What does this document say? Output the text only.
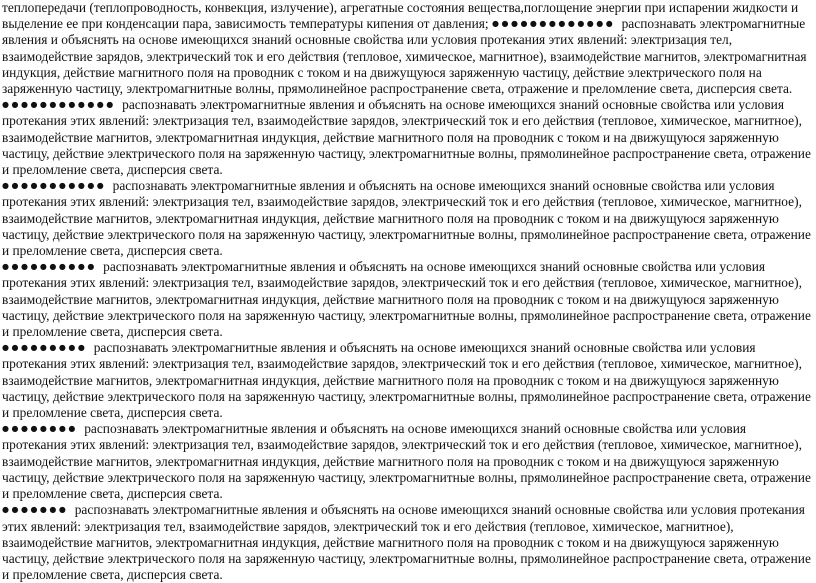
теплопередачи (теплопроводность, конвекция, излучение), агрегатные состояния вещества,поглощение энергии при испарении жидкости и выделение ее при конденсации пара, зависимость температуры кипения от давления; ●●●●●●●●●●●●● распознавать электромагнитные явления и объяснять на основе имеющихся знаний основные свойства или условия протекания этих явлений: электризация тел, взаимодействие зарядов, электрический ток и его действия (тепловое, химическое, магнитное), взаимодействие магнитов, электромагнитная индукция, действие магнитного поля на проводник с током и на движущуюся заряженную частицу, действие электрического поля на заряженную частицу, электромагнитные волны, прямолинейное распространение света, отражение и преломление света, дисперсия света.

●●●●●●●●●●●● распознавать электромагнитные явления и объяснять на основе имеющихся знаний основные свойства или условия протекания этих явлений: электризация тел, взаимодействие зарядов, электрический ток и его действия (тепловое, химическое, магнитное), взаимодействие магнитов, электромагнитная индукция, действие магнитного поля на проводник с током и на движущуюся заряженную частицу, действие электрического поля на заряженную частицу, электромагнитные волны, прямолинейное распространение света, отражение и преломление света, дисперсия света.

●●●●●●●●●●● распознавать электромагнитные явления и объяснять на основе имеющихся знаний основные свойства или условия протекания этих явлений: электризация тел, взаимодействие зарядов, электрический ток и его действия (тепловое, химическое, магнитное), взаимодействие магнитов, электромагнитная индукция, действие магнитного поля на проводник с током и на движущуюся заряженную частицу, действие электрического поля на заряженную частицу, электромагнитные волны, прямолинейное распространение света, отражение и преломление света, дисперсия света.

●●●●●●●●●● распознавать электромагнитные явления и объяснять на основе имеющихся знаний основные свойства или условия протекания этих явлений: электризация тел, взаимодействие зарядов, электрический ток и его действия (тепловое, химическое, магнитное), взаимодействие магнитов, электромагнитная индукция, действие магнитного поля на проводник с током и на движущуюся заряженную частицу, действие электрического поля на заряженную частицу, электромагнитные волны, прямолинейное распространение света, отражение и преломление света, дисперсия света.

●●●●●●●●● распознавать электромагнитные явления и объяснять на основе имеющихся знаний основные свойства или условия протекания этих явлений: электризация тел, взаимодействие зарядов, электрический ток и его действия (тепловое, химическое, магнитное), взаимодействие магнитов, электромагнитная индукция, действие магнитного поля на проводник с током и на движущуюся заряженную частицу, действие электрического поля на заряженную частицу, электромагнитные волны, прямолинейное распространение света, отражение и преломление света, дисперсия света.

●●●●●●●● распознавать электромагнитные явления и объяснять на основе имеющихся знаний основные свойства или условия протекания этих явлений: электризация тел, взаимодействие зарядов, электрический ток и его действия (тепловое, химическое, магнитное), взаимодействие магнитов, электромагнитная индукция, действие магнитного поля на проводник с током и на движущуюся заряженную частицу, действие электрического поля на заряженную частицу, электромагнитные волны, прямолинейное распространение света, отражение и преломление света, дисперсия света.

●●●●●●● распознавать электромагнитные явления и объяснять на основе имеющихся знаний основные свойства или условия протекания этих явлений: электризация тел, взаимодействие зарядов, электрический ток и его действия (тепловое, химическое, магнитное), взаимодействие магнитов, электромагнитная индукция, действие магнитного поля на проводник с током и на движущуюся заряженную частицу, действие электрического поля на заряженную частицу, электромагнитные волны, прямолинейное распространение света, отражение и преломление света, дисперсия света.
